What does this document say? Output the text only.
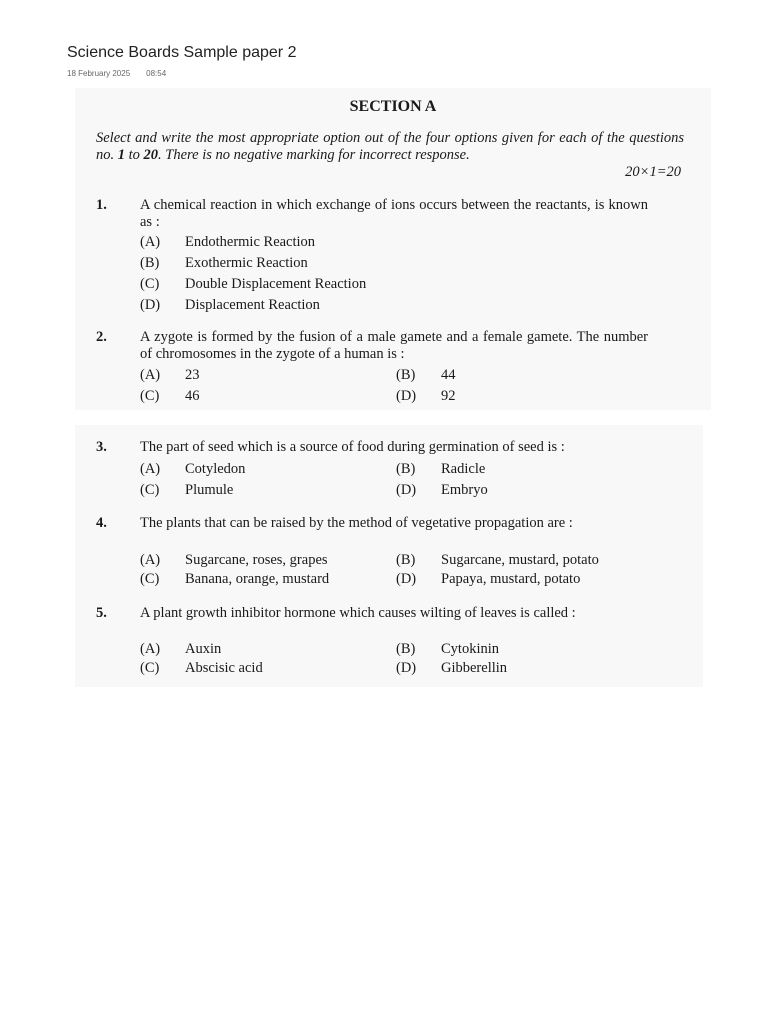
Science Boards Sample paper 2
18 February 2025 08:54
SECTION A
Select and write the most appropriate option out of the four options given for each of the questions no. 1 to 20. There is no negative marking for incorrect response.
20×1=20
1. A chemical reaction in which exchange of ions occurs between the reactants, is known as :
(A) Endothermic Reaction
(B) Exothermic Reaction
(C) Double Displacement Reaction
(D) Displacement Reaction
2. A zygote is formed by the fusion of a male gamete and a female gamete. The number of chromosomes in the zygote of a human is :
(A) 23	(B) 44
(C) 46	(D) 92
3. The part of seed which is a source of food during germination of seed is :
(A) Cotyledon	(B) Radicle
(C) Plumule	(D) Embryo
4. The plants that can be raised by the method of vegetative propagation are :
(A) Sugarcane, roses, grapes	(B) Sugarcane, mustard, potato
(C) Banana, orange, mustard	(D) Papaya, mustard, potato
5. A plant growth inhibitor hormone which causes wilting of leaves is called :
(A) Auxin	(B) Cytokinin
(C) Abscisic acid	(D) Gibberellin
